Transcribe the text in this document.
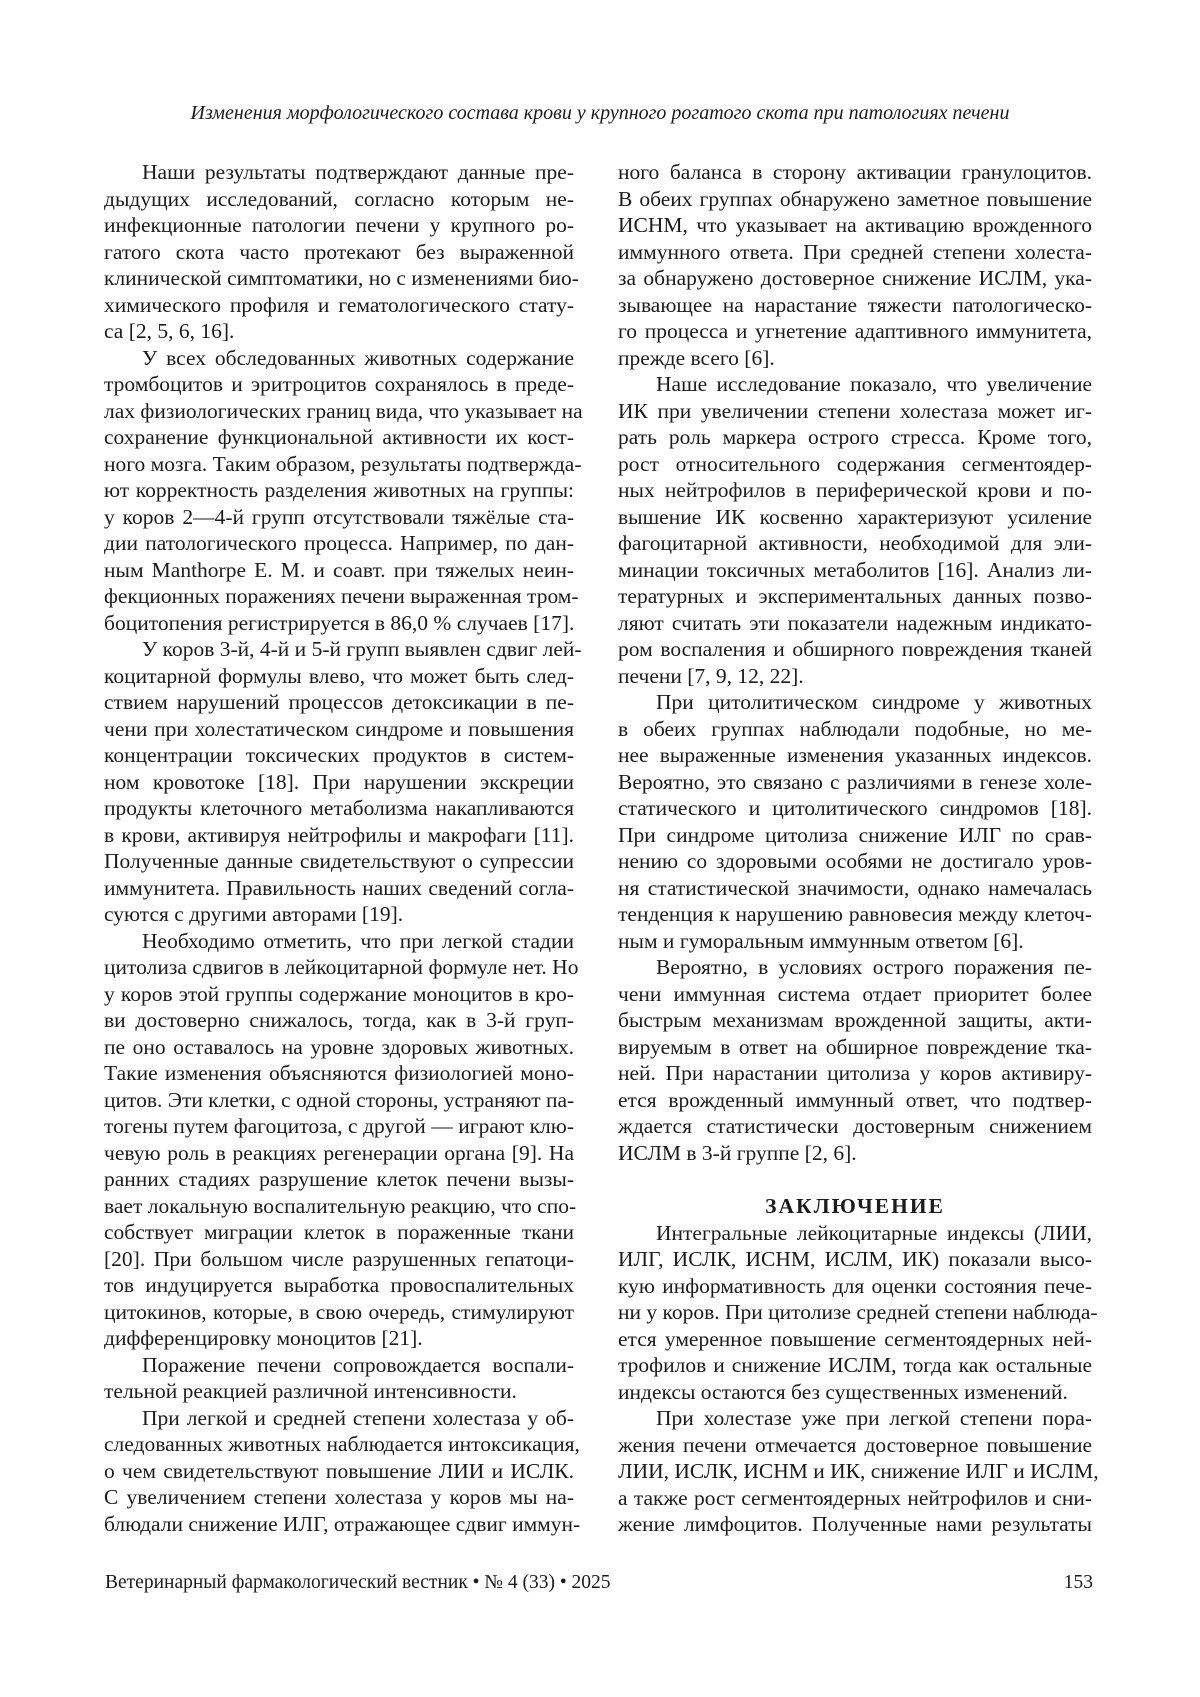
Изменения морфологического состава крови у крупного рогатого скота при патологиях печени
Наши результаты подтверждают данные пре-
дыдущих исследований, согласно которым не-
инфекционные патологии печени у крупного ро-
гатого скота часто протекают без выраженной
клинической симптоматики, но с изменениями био-
химического профиля и гематологического стату-
са [2, 5, 6, 16].
У всех обследованных животных содержание
тромбоцитов и эритроцитов сохранялось в преде-
лах физиологических границ вида, что указывает на
сохранение функциональной активности их кост-
ного мозга. Таким образом, результаты подтвержда-
ют корректность разделения животных на группы:
у коров 2—4-й групп отсутствовали тяжёлые ста-
дии патологического процесса. Например, по дан-
ным Manthorpe E. M. и соавт. при тяжелых неин-
фекционных поражениях печени выраженная тром-
боцитопения регистрируется в 86,0 % случаев [17].
У коров 3-й, 4-й и 5-й групп выявлен сдвиг лей-
коцитарной формулы влево, что может быть след-
ствием нарушений процессов детоксикации в пе-
чени при холестатическом синдроме и повышения
концентрации токсических продуктов в систем-
ном кровотоке [18]. При нарушении экскреции
продукты клеточного метаболизма накапливаются
в крови, активируя нейтрофилы и макрофаги [11].
Полученные данные свидетельствуют о супрессии
иммунитета. Правильность наших сведений согла-
суются с другими авторами [19].
Необходимо отметить, что при легкой стадии
цитолиза сдвигов в лейкоцитарной формуле нет. Но
у коров этой группы содержание моноцитов в кро-
ви достоверно снижалось, тогда, как в 3-й груп-
пе оно оставалось на уровне здоровых животных.
Такие изменения объясняются физиологией моно-
цитов. Эти клетки, с одной стороны, устраняют па-
тогены путем фагоцитоза, с другой — играют клю-
чевую роль в реакциях регенерации органа [9]. На
ранних стадиях разрушение клеток печени вызы-
вает локальную воспалительную реакцию, что спо-
собствует миграции клеток в пораженные ткани
[20]. При большом числе разрушенных гепатоци-
тов индуцируется выработка провоспалительных
цитокинов, которые, в свою очередь, стимулируют
дифференцировку моноцитов [21].
Поражение печени сопровождается воспали-
тельной реакцией различной интенсивности.
При легкой и средней степени холестаза у об-
следованных животных наблюдается интоксикация,
о чем свидетельствуют повышение ЛИИ и ИСЛК.
С увеличением степени холестаза у коров мы на-
блюдали снижение ИЛГ, отражающее сдвиг иммун-
ного баланса в сторону активации гранулоцитов.
В обеих группах обнаружено заметное повышение
ИСНМ, что указывает на активацию врожденного
иммунного ответа. При средней степени холеста-
за обнаружено достоверное снижение ИСЛМ, ука-
зывающее на нарастание тяжести патологическо-
го процесса и угнетение адаптивного иммунитета,
прежде всего [6].
Наше исследование показало, что увеличение
ИК при увеличении степени холестаза может иг-
рать роль маркера острого стресса. Кроме того,
рост относительного содержания сегментоядер-
ных нейтрофилов в периферической крови и по-
вышение ИК косвенно характеризуют усиление
фагоцитарной активности, необходимой для эли-
минации токсичных метаболитов [16]. Анализ ли-
тературных и экспериментальных данных позво-
ляют считать эти показатели надежным индикато-
ром воспаления и обширного повреждения тканей
печени [7, 9, 12, 22].
При цитолитическом синдроме у животных
в обеих группах наблюдали подобные, но ме-
нее выраженные изменения указанных индексов.
Вероятно, это связано с различиями в генезе холе-
статического и цитолитического синдромов [18].
При синдроме цитолиза снижение ИЛГ по срав-
нению со здоровыми особями не достигало уров-
ня статистической значимости, однако намечалась
тенденция к нарушению равновесия между клеточ-
ным и гуморальным иммунным ответом [6].
Вероятно, в условиях острого поражения пе-
чени иммунная система отдает приоритет более
быстрым механизмам врожденной защиты, акти-
вируемым в ответ на обширное повреждение тка-
ней. При нарастании цитолиза у коров активиру-
ется врожденный иммунный ответ, что подтвер-
ждается статистически достоверным снижением
ИСЛМ в 3-й группе [2, 6].
ЗАКЛЮЧЕНИЕ
Интегральные лейкоцитарные индексы (ЛИИ,
ИЛГ, ИСЛК, ИСНМ, ИСЛМ, ИК) показали высо-
кую информативность для оценки состояния пече-
ни у коров. При цитолизе средней степени наблюда-
ется умеренное повышение сегментоядерных ней-
трофилов и снижение ИСЛМ, тогда как остальные
индексы остаются без существенных изменений.
При холестазе уже при легкой степени пора-
жения печени отмечается достоверное повышение
ЛИИ, ИСЛК, ИСНМ и ИК, снижение ИЛГ и ИСЛМ,
а также рост сегментоядерных нейтрофилов и сни-
жение лимфоцитов. Полученные нами результаты
Ветеринарный фармакологический вестник • № 4 (33) • 2025	153
